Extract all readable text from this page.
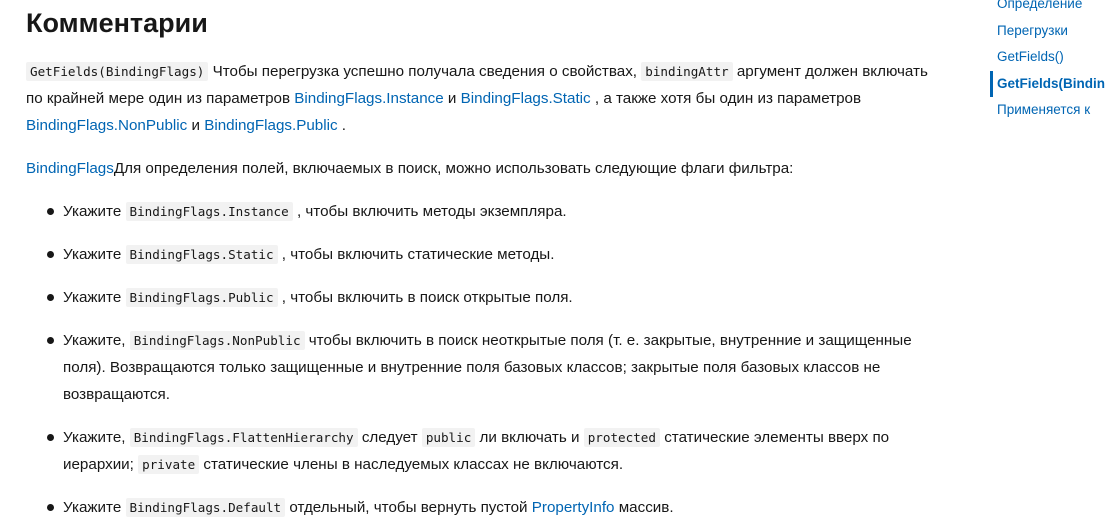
Комментарии

GetFields(BindingFlags) Чтобы перегрузка успешно получала сведения о свойствах, bindingAttr аргумент должен включать по крайней мере один из параметров BindingFlags.Instance и BindingFlags.Static , а также хотя бы один из параметров BindingFlags.NonPublic и BindingFlags.Public .

BindingFlagsДля определения полей, включаемых в поиск, можно использовать следующие флаги фильтра:

Укажите BindingFlags.Instance , чтобы включить методы экземпляра.
Укажите BindingFlags.Static , чтобы включить статические методы.
Укажите BindingFlags.Public , чтобы включить в поиск открытые поля.
Укажите, BindingFlags.NonPublic чтобы включить в поиск неоткрытые поля (т. е. закрытые, внутренние и защищенные поля). Возвращаются только защищенные и внутренние поля базовых классов; закрытые поля базовых классов не возвращаются.
Укажите, BindingFlags.FlattenHierarchy следует public ли включать и protected статические элементы вверх по иерархии; private статические члены в наследуемых классах не включаются.
Укажите BindingFlags.Default отдельный, чтобы вернуть пустой PropertyInfo массив.
Определение
Перегрузки
GetFields()
GetFields(Bindin
Применяется к
